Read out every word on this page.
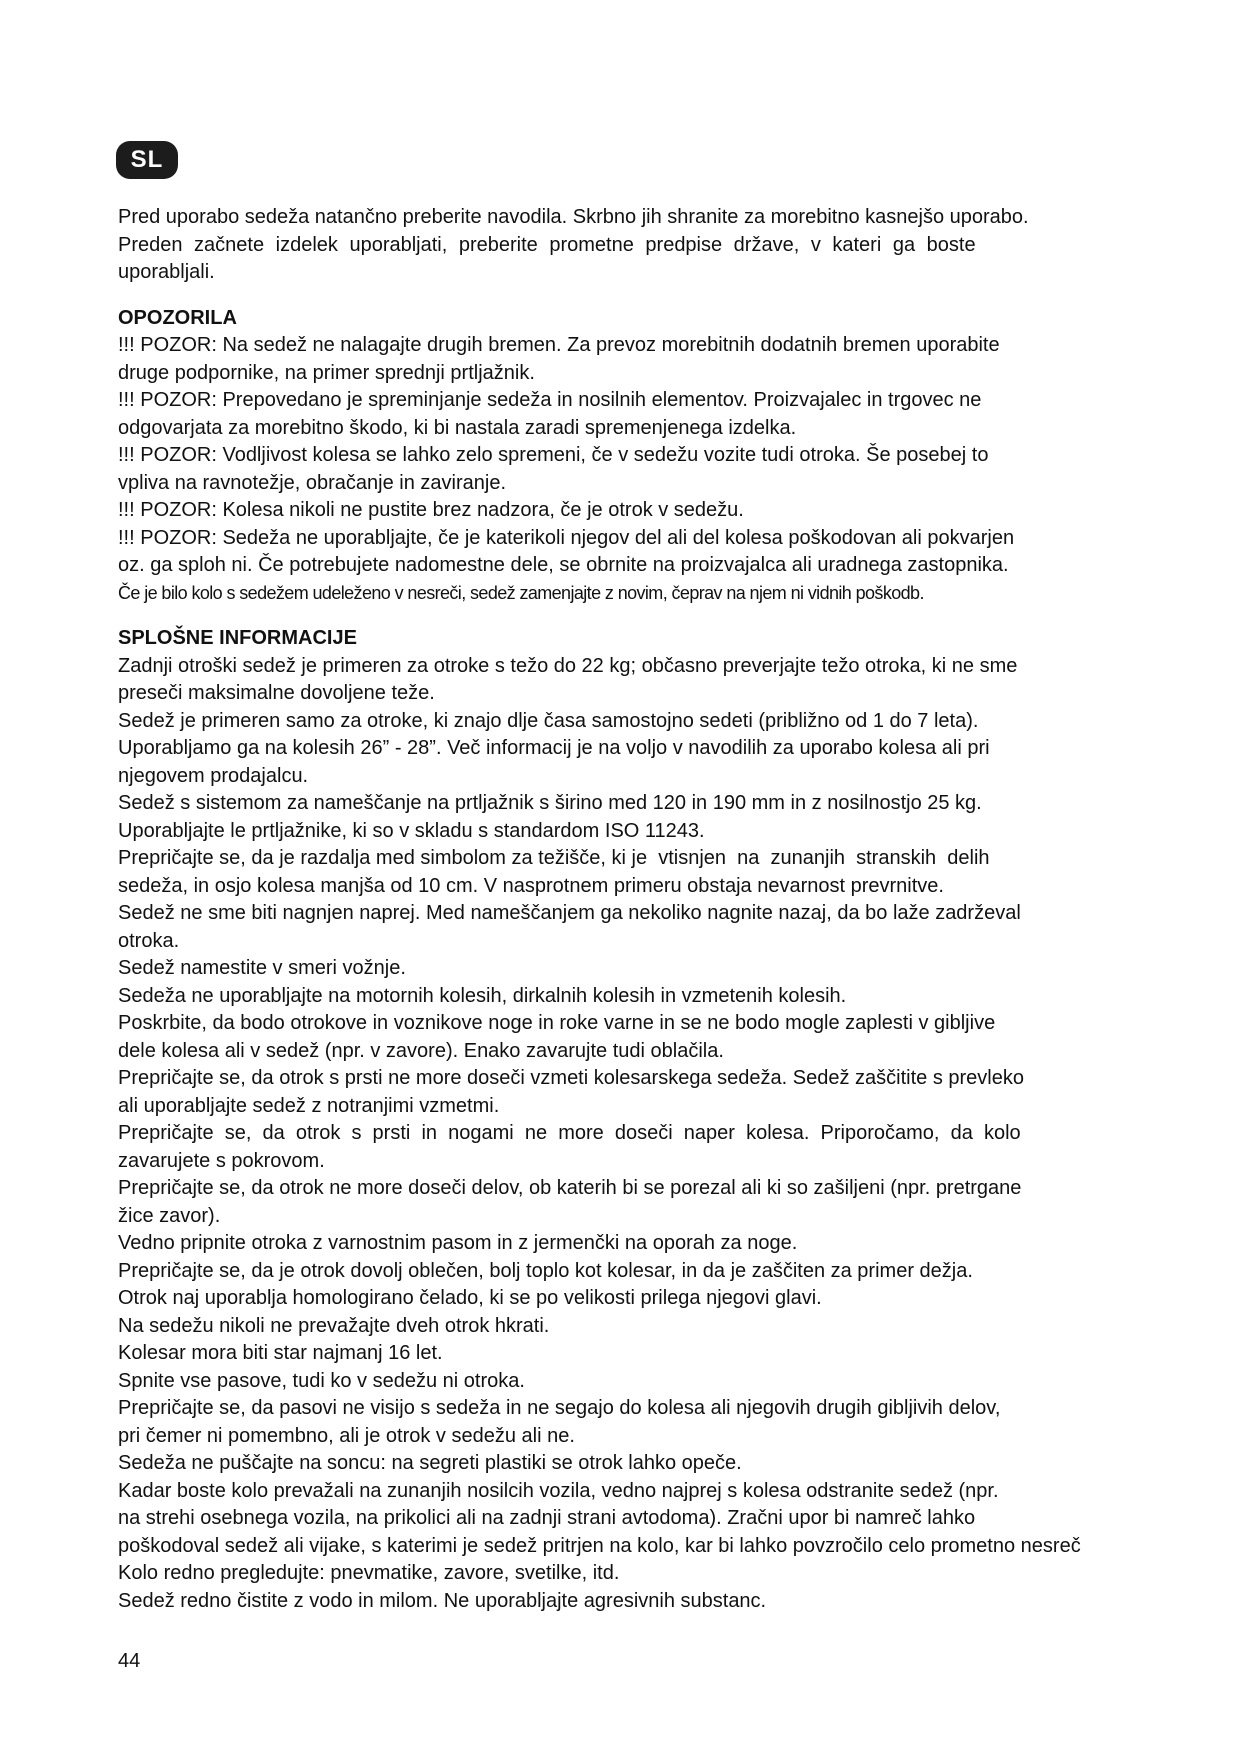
SL

Pred uporabo sedeža natančno preberite navodila. Skrbno jih shranite za morebitno kasnejšo uporabo.

Preden začnete izdelek uporabljati, preberite prometne predpise države, v kateri ga boste

uporabljali.

OPOZORILA

!!! POZOR: Na sedež ne nalagajte drugih bremen. Za prevoz morebitnih dodatnih bremen uporabite

druge podpornike, na primer sprednji prtljažnik.

!!! POZOR: Prepovedano je spreminjanje sedeža in nosilnih elementov. Proizvajalec in trgovec ne

odgovarjata za morebitno škodo, ki bi nastala zaradi spremenjenega izdelka.

!!! POZOR: Vodljivost kolesa se lahko zelo spremeni, če v sedežu vozite tudi otroka. Še posebej to

vpliva na ravnotežje, obračanje in zaviranje.

!!! POZOR: Kolesa nikoli ne pustite brez nadzora, če je otrok v sedežu.

!!! POZOR: Sedeža ne uporabljajte, če je katerikoli njegov del ali del kolesa poškodovan ali pokvarjen

oz. ga sploh ni. Če potrebujete nadomestne dele, se obrnite na proizvajalca ali uradnega zastopnika.

Če je bilo kolo s sedežem udeleženo v nesreči, sedež zamenjajte z novim, čeprav na njem ni vidnih poškodb.

SPLOŠNE INFORMACIJE

Zadnji otroški sedež je primeren za otroke s težo do 22 kg; občasno preverjajte težo otroka, ki ne sme

preseči maksimalne dovoljene teže.

Sedež je primeren samo za otroke, ki znajo dlje časa samostojno sedeti (približno od 1 do 7 leta).

Uporabljamo ga na kolesih 26” - 28”. Več informacij je na voljo v navodilih za uporabo kolesa ali pri

njegovem prodajalcu.

Sedež s sistemom za nameščanje na prtljažnik s širino med 120 in 190 mm in z nosilnostjo 25 kg.

Uporabljajte le prtljažnike, ki so v skladu s standardom ISO 11243.

Prepričajte se, da je razdalja med simbolom za težišče, ki je  vtisnjen  na  zunanjih  stranskih  delih

sedeža, in osjo kolesa manjša od 10 cm. V nasprotnem primeru obstaja nevarnost prevrnitve.

Sedež ne sme biti nagnjen naprej. Med nameščanjem ga nekoliko nagnite nazaj, da bo laže zadrževal

otroka.

Sedež namestite v smeri vožnje.

Sedeža ne uporabljajte na motornih kolesih, dirkalnih kolesih in vzmetenih kolesih.

Poskrbite, da bodo otrokove in voznikove noge in roke varne in se ne bodo mogle zaplesti v gibljive

dele kolesa ali v sedež (npr. v zavore). Enako zavarujte tudi oblačila.

Prepričajte se, da otrok s prsti ne more doseči vzmeti kolesarskega sedeža. Sedež zaščitite s prevleko

ali uporabljajte sedež z notranjimi vzmetmi.

Prepričajte  se,  da  otrok  s  prsti  in  nogami  ne  more  doseči  naper  kolesa.  Priporočamo,  da  kolo

zavarujete s pokrovom.

Prepričajte se, da otrok ne more doseči delov, ob katerih bi se porezal ali ki so zašiljeni (npr. pretrgane

žice zavor).

Vedno pripnite otroka z varnostnim pasom in z jermenčki na oporah za noge.

Prepričajte se, da je otrok dovolj oblečen, bolj toplo kot kolesar, in da je zaščiten za primer dežja.

Otrok naj uporablja homologirano čelado, ki se po velikosti prilega njegovi glavi.

Na sedežu nikoli ne prevažajte dveh otrok hkrati.

Kolesar mora biti star najmanj 16 let.

Spnite vse pasove, tudi ko v sedežu ni otroka.

Prepričajte se, da pasovi ne visijo s sedeža in ne segajo do kolesa ali njegovih drugih gibljivih delov,

pri čemer ni pomembno, ali je otrok v sedežu ali ne.

Sedeža ne puščajte na soncu: na segreti plastiki se otrok lahko opeče.

Kadar boste kolo prevažali na zunanjih nosilcih vozila, vedno najprej s kolesa odstranite sedež (npr.

na strehi osebnega vozila, na prikolici ali na zadnji strani avtodoma). Zračni upor bi namreč lahko

poškodoval sedež ali vijake, s katerimi je sedež pritrjen na kolo, kar bi lahko povzročilo celo prometno nesreč

Kolo redno pregledujte: pnevmatike, zavore, svetilke, itd.

Sedež redno čistite z vodo in milom. Ne uporabljajte agresivnih substanc.

44
